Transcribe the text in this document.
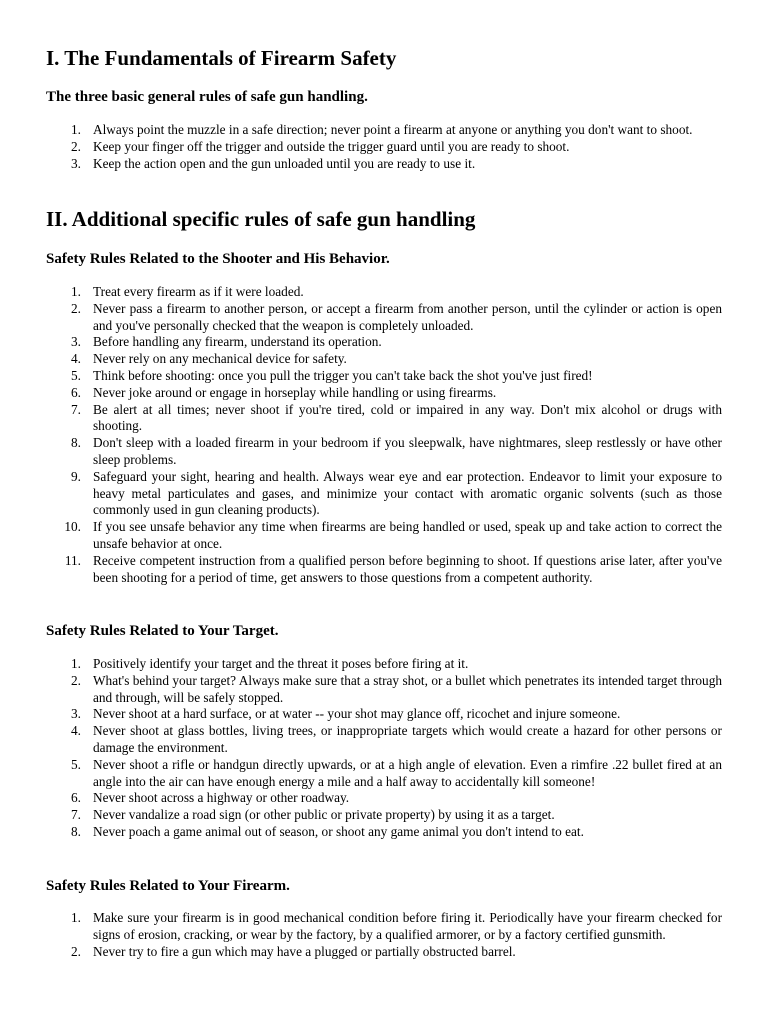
I. The Fundamentals of Firearm Safety
The three basic general rules of safe gun handling.
1. Always point the muzzle in a safe direction; never point a firearm at anyone or anything you don't want to shoot.
2. Keep your finger off the trigger and outside the trigger guard until you are ready to shoot.
3. Keep the action open and the gun unloaded until you are ready to use it.
II. Additional specific rules of safe gun handling
Safety Rules Related to the Shooter and His Behavior.
1. Treat every firearm as if it were loaded.
2. Never pass a firearm to another person, or accept a firearm from another person, until the cylinder or action is open and you've personally checked that the weapon is completely unloaded.
3. Before handling any firearm, understand its operation.
4. Never rely on any mechanical device for safety.
5. Think before shooting: once you pull the trigger you can't take back the shot you've just fired!
6. Never joke around or engage in horseplay while handling or using firearms.
7. Be alert at all times; never shoot if you're tired, cold or impaired in any way. Don't mix alcohol or drugs with shooting.
8. Don't sleep with a loaded firearm in your bedroom if you sleepwalk, have nightmares, sleep restlessly or have other sleep problems.
9. Safeguard your sight, hearing and health. Always wear eye and ear protection. Endeavor to limit your exposure to heavy metal particulates and gases, and minimize your contact with aromatic organic solvents (such as those commonly used in gun cleaning products).
10. If you see unsafe behavior any time when firearms are being handled or used, speak up and take action to correct the unsafe behavior at once.
11. Receive competent instruction from a qualified person before beginning to shoot. If questions arise later, after you've been shooting for a period of time, get answers to those questions from a competent authority.
Safety Rules Related to Your Target.
1. Positively identify your target and the threat it poses before firing at it.
2. What's behind your target? Always make sure that a stray shot, or a bullet which penetrates its intended target through and through, will be safely stopped.
3. Never shoot at a hard surface, or at water -- your shot may glance off, ricochet and injure someone.
4. Never shoot at glass bottles, living trees, or inappropriate targets which would create a hazard for other persons or damage the environment.
5. Never shoot a rifle or handgun directly upwards, or at a high angle of elevation. Even a rimfire .22 bullet fired at an angle into the air can have enough energy a mile and a half away to accidentally kill someone!
6. Never shoot across a highway or other roadway.
7. Never vandalize a road sign (or other public or private property) by using it as a target.
8. Never poach a game animal out of season, or shoot any game animal you don't intend to eat.
Safety Rules Related to Your Firearm.
1. Make sure your firearm is in good mechanical condition before firing it. Periodically have your firearm checked for signs of erosion, cracking, or wear by the factory, by a qualified armorer, or by a factory certified gunsmith.
2. Never try to fire a gun which may have a plugged or partially obstructed barrel.
